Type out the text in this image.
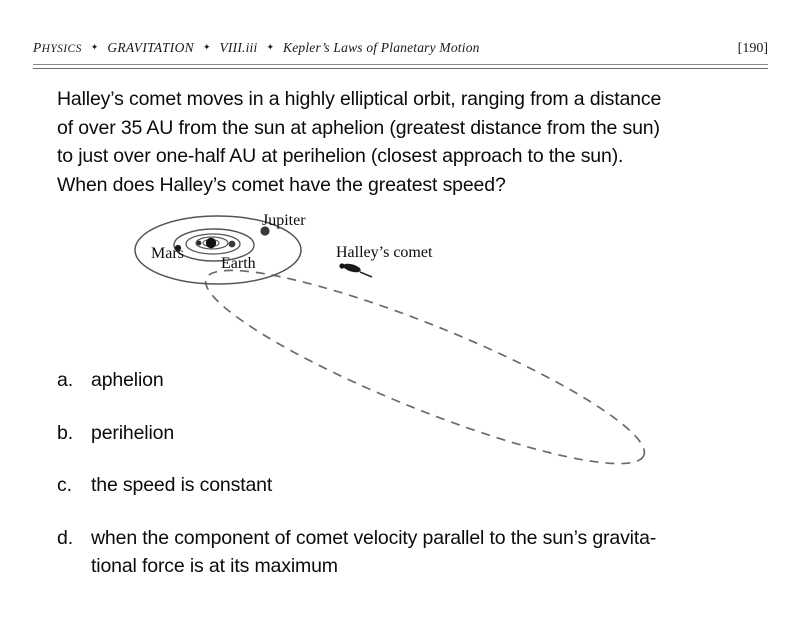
PHYSICS	✦ GRAVITATION	✦ VIII.iii	✦ Kepler’s Laws of Planetary Motion	[190]
Halley’s comet moves in a highly elliptical orbit, ranging from a distance
of over 35 AU from the sun at aphelion (greatest distance from the sun)
to just over one-half AU at perihelion (closest approach to the sun).
When does Halley’s comet have the greatest speed?
Jupiter
Mars
Earth
Halley’s comet
a. aphelion
b. perihelion
c. the speed is constant
d. when the component of comet velocity parallel to the sun’s gravita-
tional force is at its maximum
